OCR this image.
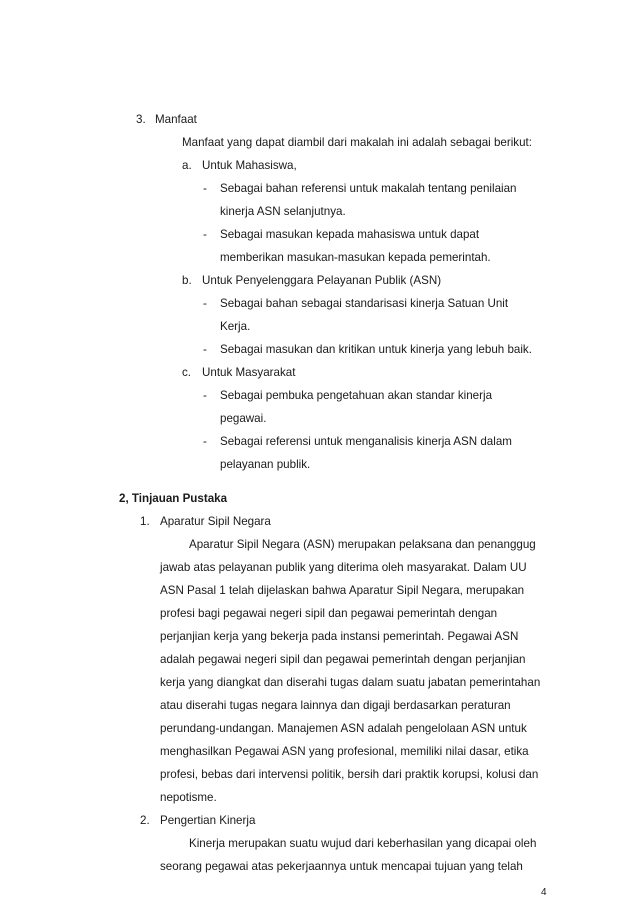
3. Manfaat
Manfaat yang dapat diambil dari makalah ini adalah sebagai berikut:
a. Untuk Mahasiswa,
- Sebagai bahan referensi untuk makalah tentang penilaian
kinerja ASN selanjutnya.
- Sebagai masukan kepada mahasiswa untuk dapat
memberikan masukan-masukan kepada pemerintah.
b. Untuk Penyelenggara Pelayanan Publik (ASN)
- Sebagai bahan sebagai standarisasi kinerja Satuan Unit
Kerja.
- Sebagai masukan dan kritikan untuk kinerja yang lebuh baik.
c. Untuk Masyarakat
- Sebagai pembuka pengetahuan akan standar kinerja
pegawai.
- Sebagai referensi untuk menganalisis kinerja ASN dalam
pelayanan publik.
2, Tinjauan Pustaka
1. Aparatur Sipil Negara
Aparatur Sipil Negara (ASN) merupakan pelaksana dan penanggug
jawab atas pelayanan publik yang diterima oleh masyarakat. Dalam UU
ASN Pasal 1 telah dijelaskan bahwa Aparatur Sipil Negara, merupakan
profesi bagi pegawai negeri sipil dan pegawai pemerintah dengan
perjanjian kerja yang bekerja pada instansi pemerintah. Pegawai ASN
adalah pegawai negeri sipil dan pegawai pemerintah dengan perjanjian
kerja yang diangkat dan diserahi tugas dalam suatu jabatan pemerintahan
atau diserahi tugas negara lainnya dan digaji berdasarkan peraturan
perundang-undangan. Manajemen ASN adalah pengelolaan ASN untuk
menghasilkan Pegawai ASN yang profesional, memiliki nilai dasar, etika
profesi, bebas dari intervensi politik, bersih dari praktik korupsi, kolusi dan
nepotisme.
2. Pengertian Kinerja
Kinerja merupakan suatu wujud dari keberhasilan yang dicapai oleh
seorang pegawai atas pekerjaannya untuk mencapai tujuan yang telah
4
